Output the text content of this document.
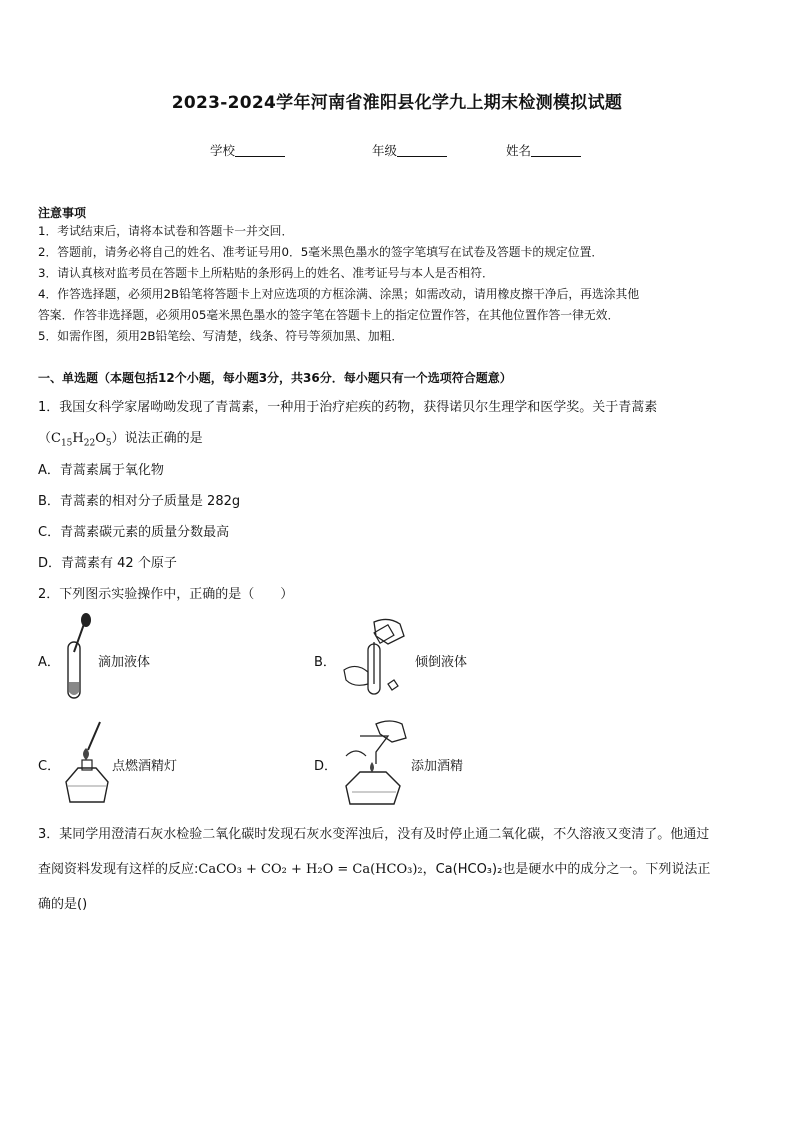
2023-2024学年河南省淮阳县化学九上期末检测模拟试题
学校	年级	姓名
注意事项
1．考试结束后，请将本试卷和答题卡一并交回．
2．答题前，请务必将自己的姓名、准考证号用0．5毫米黑色墨水的签字笔填写在试卷及答题卡的规定位置．
3．请认真核对监考员在答题卡上所粘贴的条形码上的姓名、准考证号与本人是否相符．
4．作答选择题，必须用2B铅笔将答题卡上对应选项的方框涂满、涂黑；如需改动，请用橡皮擦干净后，再选涂其他
答案．作答非选择题，必须用05毫米黑色墨水的签字笔在答题卡上的指定位置作答，在其他位置作答一律无效．
5．如需作图，须用2B铅笔绘、写清楚，线条、符号等须加黑、加粗．
一、单选题（本题包括12个小题，每小题3分，共36分．每小题只有一个选项符合题意）
1．我国女科学家屠呦呦发现了青蒿素，一种用于治疗疟疾的药物，获得诺贝尔生理学和医学奖。关于青蒿素
$(C_{15}H_{22}O_5)$说法正确的是
A．青蒿素属于氧化物
B．青蒿素的相对分子质量是 282g
C．青蒿素碳元素的质量分数最高
D．青蒿素有 42 个原子
2．下列图示实验操作中，正确的是（　　）
A．	滴加液体	B．	倾倒液体
C．	点燃酒精灯	D．	添加酒精
3．某同学用澄清石灰水检验二氧化碳时发现石灰水变浑浊后，没有及时停止通二氧化碳，不久溶液又变清了。他通过
查阅资料发现有这样的反应:CaCO₃ + CO₂ + H₂O = Ca(HCO₃)₂，Ca(HCO₃)₂也是硬水中的成分之一。下列说法正
确的是()
